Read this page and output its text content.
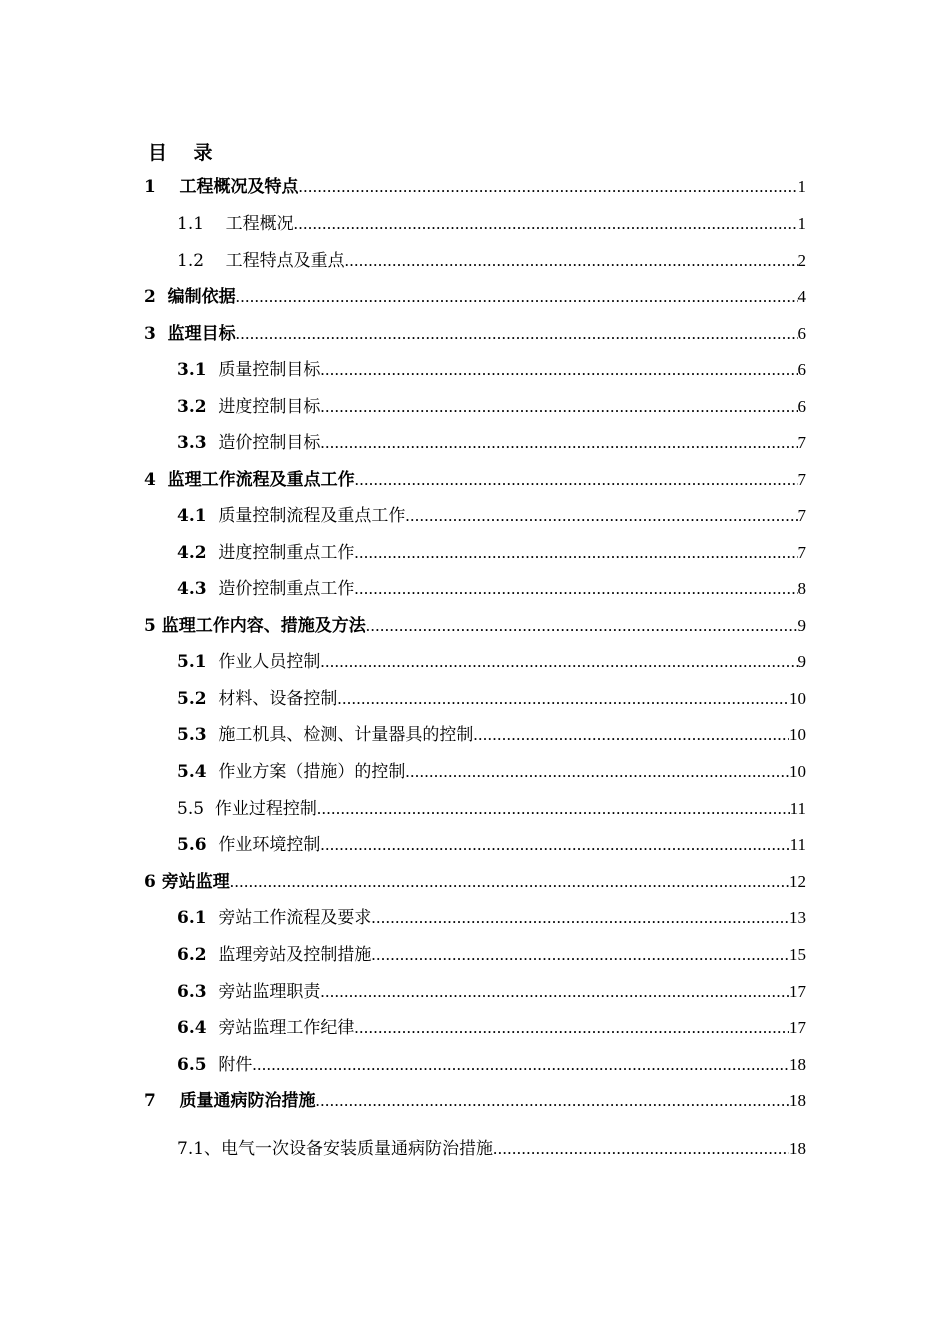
目    录
1 工程概况及特点 .....	1
1.1 工程概况 .....	1
1.2 工程特点及重点 .....	2
2 编制依据 .....	4
3 监理目标 .....	6
3.1 质量控制目标 .....	6
3.2 进度控制目标 .....	6
3.3 造价控制目标 .....	7
4 监理工作流程及重点工作 .....	7
4.1 质量控制流程及重点工作 .....	7
4.2 进度控制重点工作 .....	7
4.3 造价控制重点工作 .....	8
5 监理工作内容、措施及方法 .....	9
5.1 作业人员控制 .....	9
5.2 材料、设备控制 .....	10
5.3 施工机具、检测、计量器具的控制 .....	10
5.4 作业方案（措施）的控制 .....	10
5.5 作业过程控制 .....	11
5.6 作业环境控制 .....	11
6 旁站监理 .....	12
6.1 旁站工作流程及要求 .....	13
6.2 监理旁站及控制措施 .....	15
6.3 旁站监理职责 .....	17
6.4 旁站监理工作纪律 .....	17
6.5 附件 .....	18
7 质量通病防治措施 .....	18
7.1、 电气一次设备安装质量通病防治措施 .....	18
